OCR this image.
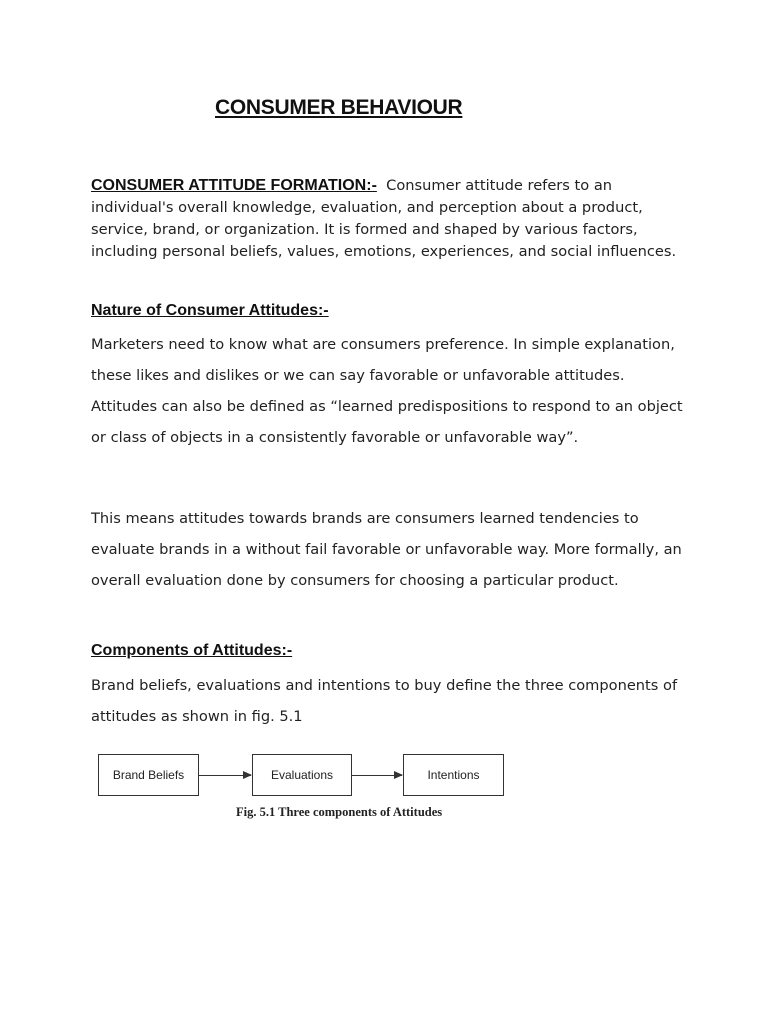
CONSUMER BEHAVIOUR
CONSUMER ATTITUDE FORMATION:- Consumer attitude refers to an individual's overall knowledge, evaluation, and perception about a product, service, brand, or organization. It is formed and shaped by various factors, including personal beliefs, values, emotions, experiences, and social influences.
Nature of Consumer Attitudes:-
Marketers need to know what are consumers preference. In simple explanation, these likes and dislikes or we can say favorable or unfavorable attitudes. Attitudes can also be defined as “learned predispositions to respond to an object or class of objects in a consistently favorable or unfavorable way”.
This means attitudes towards brands are consumers learned tendencies to evaluate brands in a without fail favorable or unfavorable way. More formally, an overall evaluation done by consumers for choosing a particular product.
Components of Attitudes:-
Brand beliefs, evaluations and intentions to buy define the three components of attitudes as shown in fig. 5.1
Brand Beliefs	Evaluations	Intentions
Fig. 5.1 Three components of Attitudes
